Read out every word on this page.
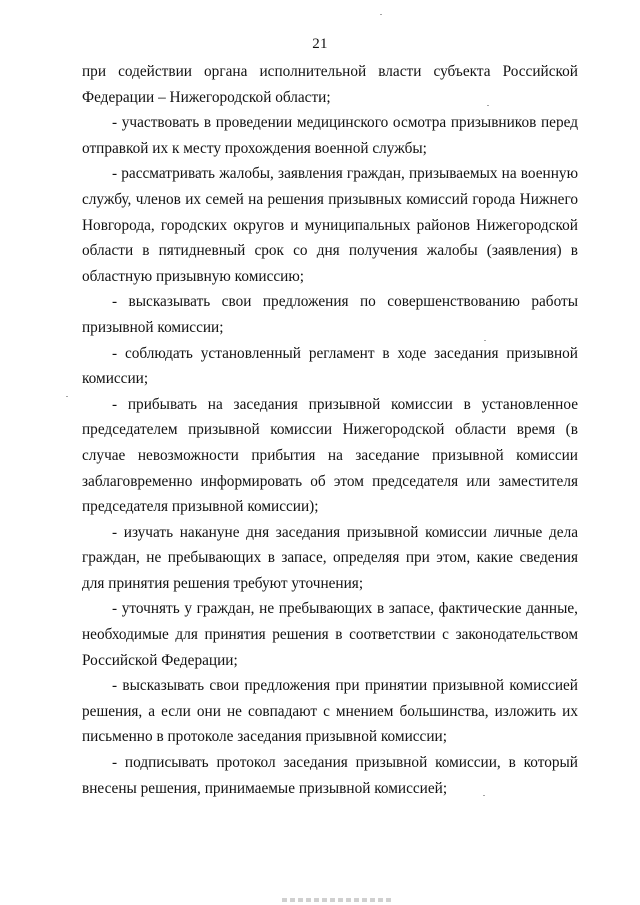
21

при содействии органа исполнительной власти субъекта Российской Федерации – Нижегородской области;

- участвовать в проведении медицинского осмотра призывников перед отправкой их к месту прохождения военной службы;

- рассматривать жалобы, заявления граждан, призываемых на военную службу, членов их семей на решения призывных комиссий города Нижнего Новгорода, городских округов и муниципальных районов Нижегородской области в пятидневный срок со дня получения жалобы (заявления) в областную призывную комиссию;

- высказывать свои предложения по совершенствованию работы призывной комиссии;

- соблюдать установленный регламент в ходе заседания призывной комиссии;

- прибывать на заседания призывной комиссии в установленное председателем призывной комиссии Нижегородской области время (в случае невозможности прибытия на заседание призывной комиссии заблаговременно информировать об этом председателя или заместителя председателя призывной комиссии);

- изучать накануне дня заседания призывной комиссии личные дела граждан, не пребывающих в запасе, определяя при этом, какие сведения для принятия решения требуют уточнения;

- уточнять у граждан, не пребывающих в запасе, фактические данные, необходимые для принятия решения в соответствии с законодательством Российской Федерации;

- высказывать свои предложения при принятии призывной комиссией решения, а если они не совпадают с мнением большинства, изложить их письменно в протоколе заседания призывной комиссии;

- подписывать протокол заседания призывной комиссии, в который внесены решения, принимаемые призывной комиссией;
